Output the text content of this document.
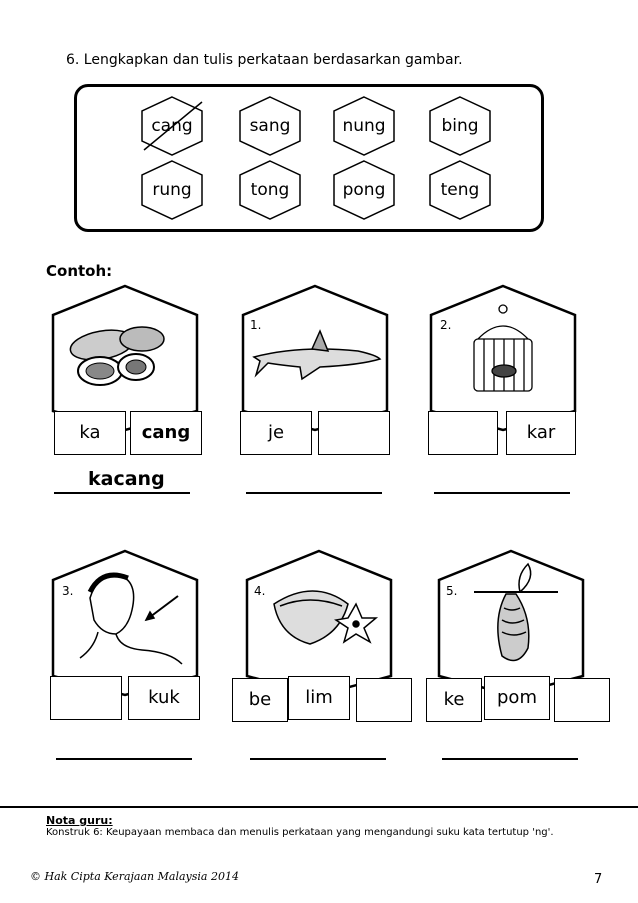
6. Lengkapkan dan tulis perkataan berdasarkan gambar.
cang	sang	nung	bing
rung	tong	pong	teng
Contoh:
ka	cang
kacang
1.
je
2.
kar
3.
kuk
4.
be	lim
5.
ke	pom
Nota guru:
Konstruk 6: Keupayaan membaca dan menulis perkataan yang mengandungi suku kata tertutup 'ng'.
© Hak Cipta Kerajaan Malaysia 2014	7
